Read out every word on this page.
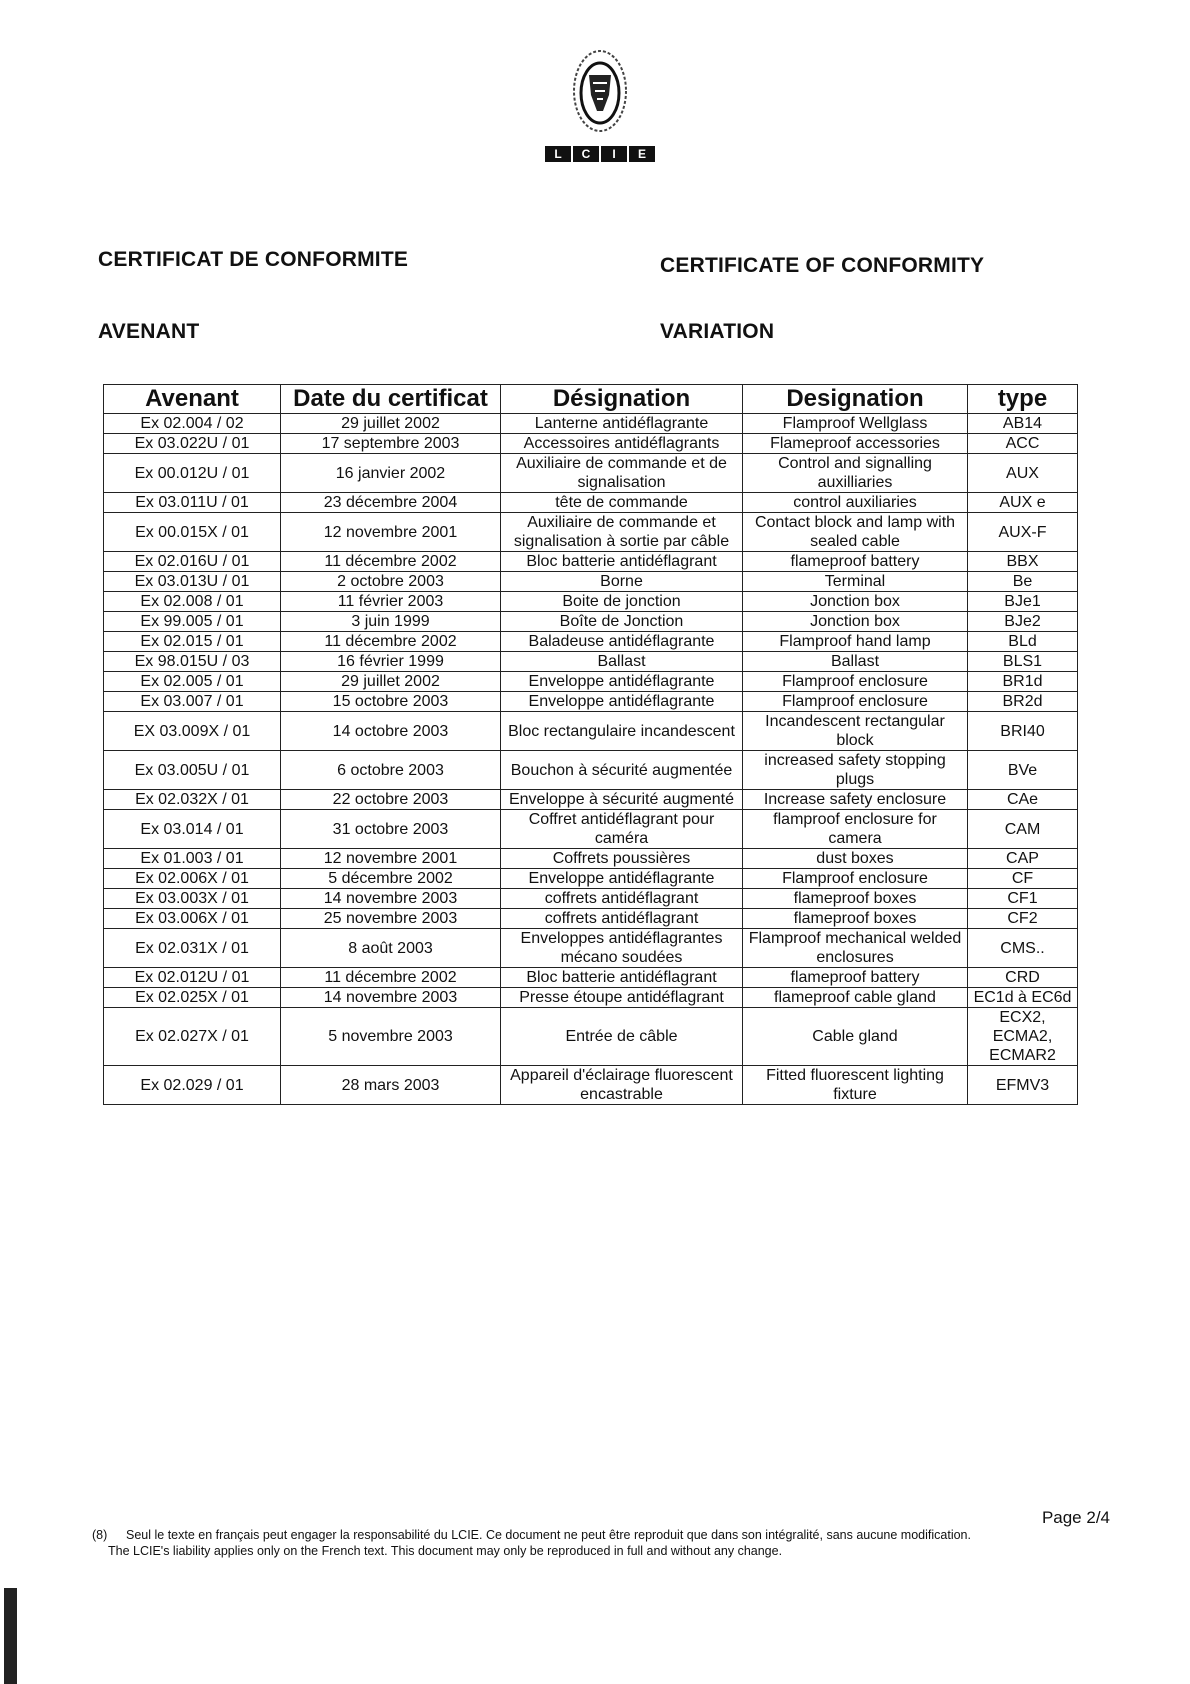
L	C	I	E
CERTIFICAT DE CONFORMITE	CERTIFICATE OF CONFORMITY
AVENANT	VARIATION
Avenant	Date du certificat	Désignation	Designation	type
Ex 02.004 / 02	29 juillet 2002	Lanterne antidéflagrante	Flamproof Wellglass	AB14
Ex 03.022U / 01	17 septembre 2003	Accessoires antidéflagrants	Flameproof accessories	ACC
Ex 00.012U / 01	16 janvier 2002	Auxiliaire de commande et de signalisation	Control and signalling auxilliaries	AUX
Ex 03.011U / 01	23 décembre 2004	tête de commande	control auxiliaries	AUX e
Ex 00.015X / 01	12 novembre 2001	Auxiliaire de commande et signalisation à sortie par câble	Contact block and lamp with sealed cable	AUX-F
Ex 02.016U / 01	11 décembre 2002	Bloc batterie antidéflagrant	flameproof battery	BBX
Ex 03.013U / 01	2 octobre 2003	Borne	Terminal	Be
Ex 02.008 / 01	11 février 2003	Boite de jonction	Jonction box	BJe1
Ex 99.005 / 01	3 juin 1999	Boîte de Jonction	Jonction box	BJe2
Ex 02.015 / 01	11 décembre 2002	Baladeuse antidéflagrante	Flamproof hand lamp	BLd
Ex 98.015U / 03	16 février 1999	Ballast	Ballast	BLS1
Ex 02.005 / 01	29 juillet 2002	Enveloppe antidéflagrante	Flamproof enclosure	BR1d
Ex 03.007 / 01	15 octobre 2003	Enveloppe antidéflagrante	Flamproof enclosure	BR2d
EX 03.009X / 01	14 octobre 2003	Bloc rectangulaire incandescent	Incandescent rectangular block	BRI40
Ex 03.005U / 01	6 octobre 2003	Bouchon à sécurité augmentée	increased safety stopping plugs	BVe
Ex 02.032X / 01	22 octobre 2003	Enveloppe à sécurité augmenté	Increase safety enclosure	CAe
Ex 03.014 / 01	31 octobre 2003	Coffret antidéflagrant pour caméra	flamproof enclosure for camera	CAM
Ex 01.003 / 01	12 novembre 2001	Coffrets poussières	dust boxes	CAP
Ex 02.006X / 01	5 décembre 2002	Enveloppe antidéflagrante	Flamproof enclosure	CF
Ex 03.003X / 01	14 novembre 2003	coffrets antidéflagrant	flameproof boxes	CF1
Ex 03.006X / 01	25 novembre 2003	coffrets antidéflagrant	flameproof boxes	CF2
Ex 02.031X / 01	8 août 2003	Enveloppes antidéflagrantes mécano soudées	Flamproof mechanical welded enclosures	CMS..
Ex 02.012U / 01	11 décembre 2002	Bloc batterie antidéflagrant	flameproof battery	CRD
Ex 02.025X / 01	14 novembre 2003	Presse étoupe antidéflagrant	flameproof cable gland	EC1d à EC6d
Ex 02.027X / 01	5 novembre 2003	Entrée de câble	Cable gland	ECX2, ECMA2, ECMAR2
Ex 02.029 / 01	28 mars 2003	Appareil d'éclairage fluorescent encastrable	Fitted fluorescent lighting fixture	EFMV3
Page 2/4
(8) Seul le texte en français peut engager la responsabilité du LCIE. Ce document ne peut être reproduit que dans son intégralité, sans aucune modification.
The LCIE's liability applies only on the French text. This document may only be reproduced in full and without any change.
